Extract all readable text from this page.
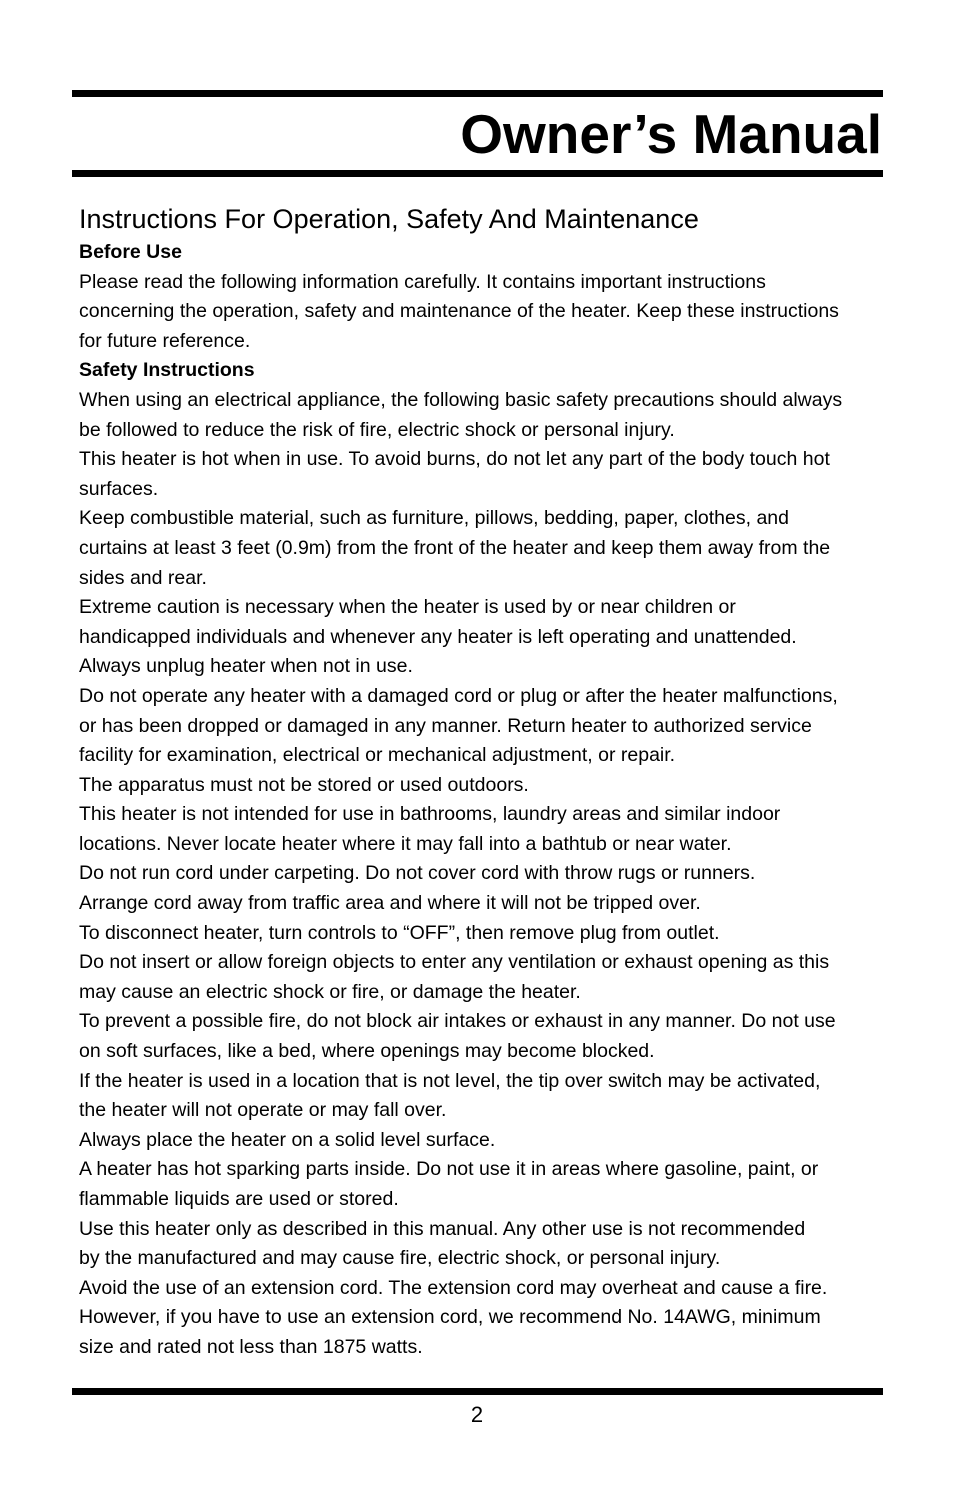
Owner’s Manual
Instructions For Operation, Safety And Maintenance
Before Use
Please read the following information carefully. It contains important instructions
concerning the operation, safety and maintenance of the heater. Keep these instructions
for future reference.
Safety Instructions
When using an electrical appliance, the following basic safety precautions should always
be followed to reduce the risk of fire, electric shock or personal injury.
This heater is hot when in use. To avoid burns, do not let any part of the body touch hot
surfaces.
Keep combustible material, such as furniture, pillows, bedding, paper, clothes, and
curtains at least 3 feet (0.9m) from the front of the heater and keep them away from the
sides and rear.
Extreme caution is necessary when the heater is used by or near children or
handicapped individuals and whenever any heater is left operating and unattended.
Always unplug heater when not in use.
Do not operate any heater with a damaged cord or plug or after the heater malfunctions,
or has been dropped or damaged in any manner. Return heater to authorized service
facility for examination, electrical or mechanical adjustment, or repair.
The apparatus must not be stored or used outdoors.
This heater is not intended for use in bathrooms, laundry areas and similar indoor
locations. Never locate heater where it may fall into a bathtub or near water.
Do not run cord under carpeting. Do not cover cord with throw rugs or runners.
Arrange cord away from traffic area and where it will not be tripped over.
To disconnect heater, turn controls to “OFF”, then remove plug from outlet.
Do not insert or allow foreign objects to enter any ventilation or exhaust opening as this
may cause an electric shock or fire, or damage the heater.
To prevent a possible fire, do not block air intakes or exhaust in any manner. Do not use
on soft surfaces, like a bed, where openings may become blocked.
If the heater is used in a location that is not level, the tip over switch may be activated,
the heater will not operate or may fall over.
Always place the heater on a solid level surface.
A heater has hot sparking parts inside. Do not use it in areas where gasoline, paint, or
flammable liquids are used or stored.
Use this heater only as described in this manual. Any other use is not recommended
by the manufactured and may cause fire, electric shock, or personal injury.
Avoid the use of an extension cord. The extension cord may overheat and cause a fire.
However, if you have to use an extension cord, we recommend No. 14AWG, minimum
size and rated not less than 1875 watts.
2
